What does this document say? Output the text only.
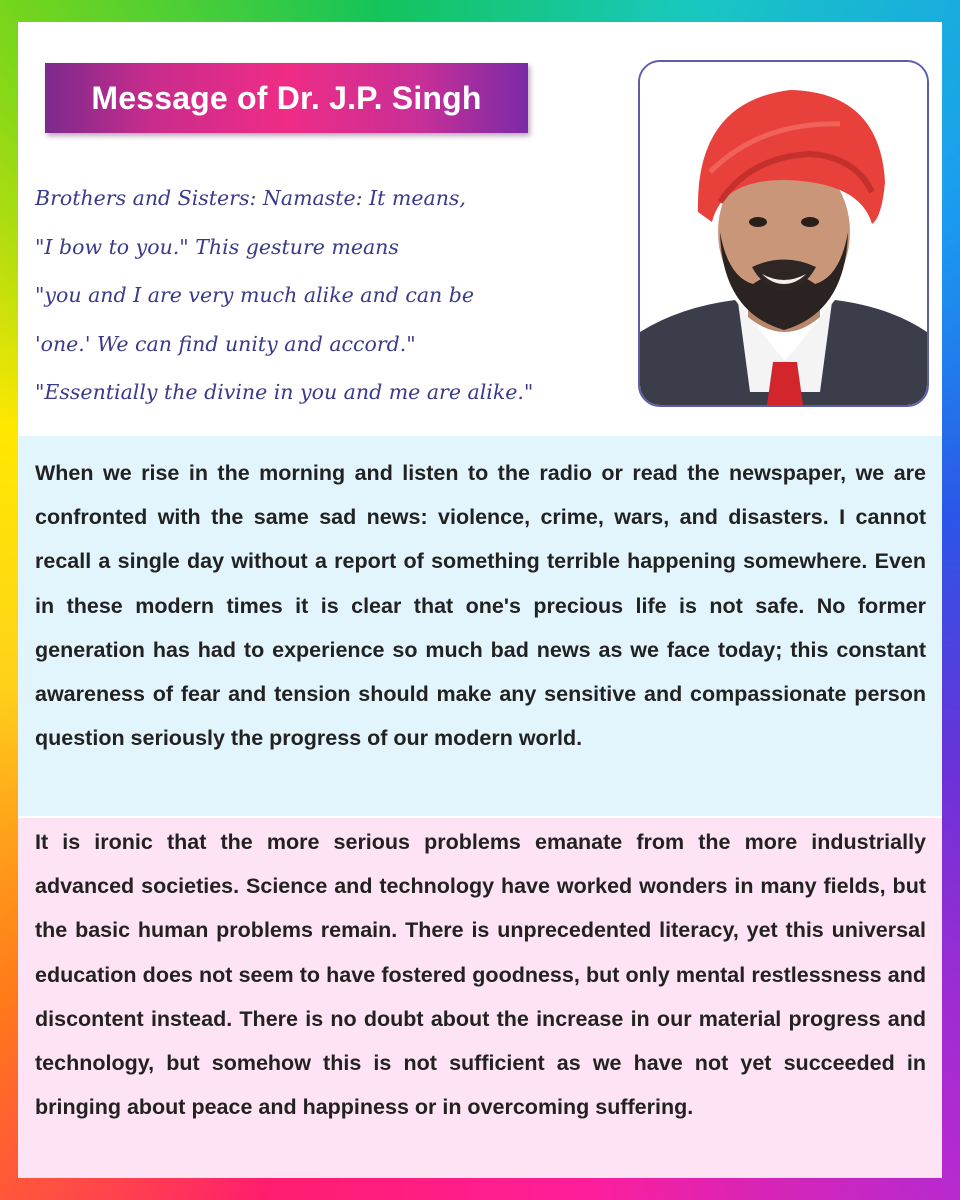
Message of Dr. J.P. Singh
Brothers and Sisters: Namaste: It means,
"I bow to you." This gesture means
"you and I are very much alike and can be
'one.' We can find unity and accord."
"Essentially the divine in you and me are alike."

When we rise in the morning and listen to the radio or read the newspaper, we are confronted with the same sad news: violence, crime, wars, and disasters. I cannot recall a single day without a report of something terrible happening somewhere. Even in these modern times it is clear that one's precious life is not safe. No former generation has had to experience so much bad news as we face today; this constant awareness of fear and tension should make any sensitive and compassionate person question seriously the progress of our modern world.

It is ironic that the more serious problems emanate from the more industrially advanced societies. Science and technology have worked wonders in many fields, but the basic human problems remain. There is unprecedented literacy, yet this universal education does not seem to have fostered goodness, but only mental restlessness and discontent instead. There is no doubt about the increase in our material progress and technology, but somehow this is not sufficient as we have not yet succeeded in bringing about peace and happiness or in overcoming suffering.
